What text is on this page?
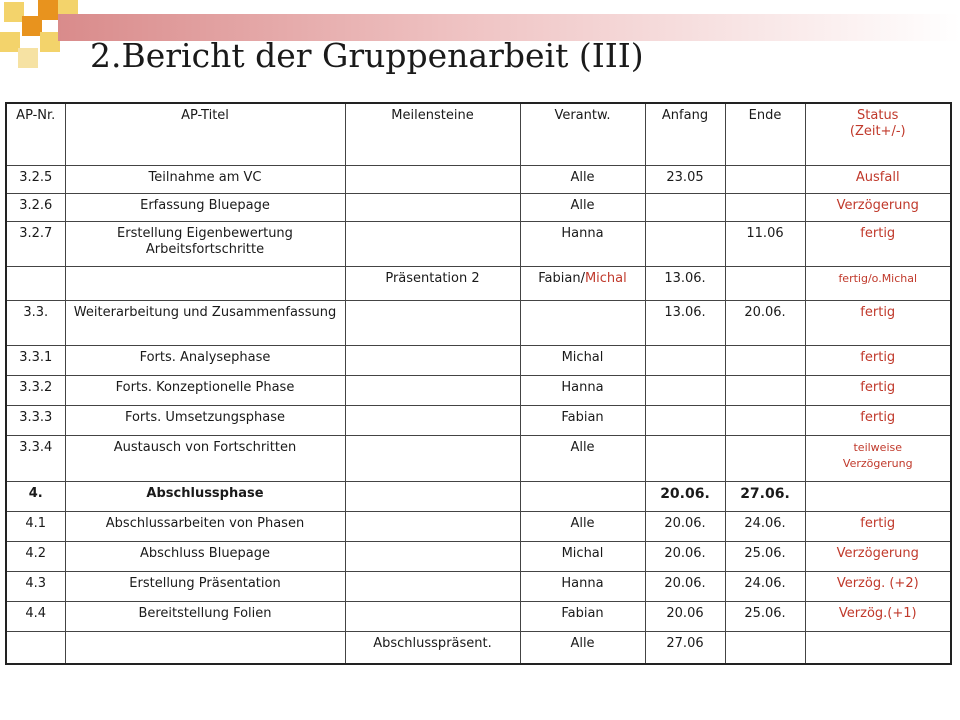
2.Bericht der Gruppenarbeit (III)
AP-Nr.	AP-Titel	Meilensteine	Verantw.	Anfang	Ende	Status
(Zeit+/-)
3.2.5	Teilnahme am VC		Alle	23.05		Ausfall
3.2.6	Erfassung Bluepage		Alle			Verzögerung
3.2.7	Erstellung Eigenbewertung Arbeitsfortschritte		Hanna		11.06	fertig
		Präsentation 2	Fabian/Michal	13.06.		fertig/o.Michal
3.3.	Weiterarbeitung und Zusammenfassung			13.06.	20.06.	fertig
3.3.1	Forts. Analysephase		Michal			fertig
3.3.2	Forts. Konzeptionelle Phase		Hanna			fertig
3.3.3	Forts. Umsetzungsphase		Fabian			fertig
3.3.4	Austausch von Fortschritten		Alle			teilweise
Verzögerung
4.	Abschlussphase			20.06.	27.06.	
4.1	Abschlussarbeiten von Phasen		Alle	20.06.	24.06.	fertig
4.2	Abschluss Bluepage		Michal	20.06.	25.06.	Verzögerung
4.3	Erstellung Präsentation		Hanna	20.06.	24.06.	Verzög. (+2)
4.4	Bereitstellung Folien		Fabian	20.06	25.06.	Verzög.(+1)
		Abschlusspräsent.	Alle	27.06		
